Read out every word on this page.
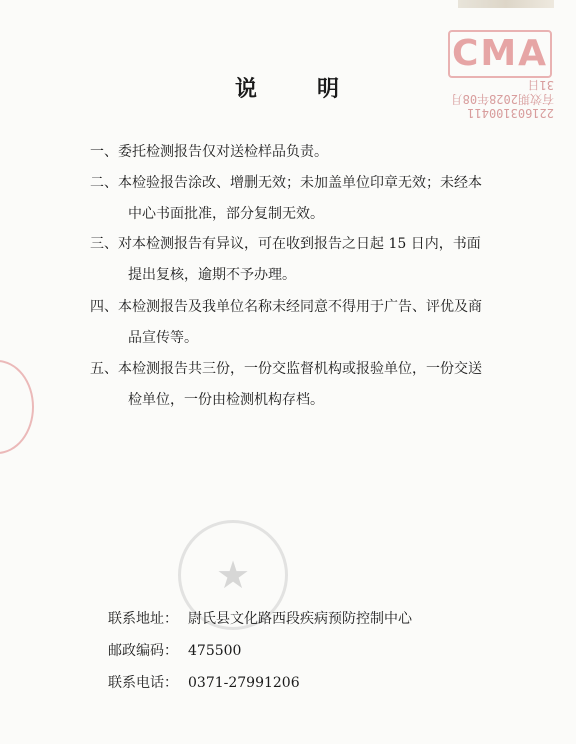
CMA
221603100411
有效期2028年08月31日
★
说	明
一、委托检测报告仅对送检样品负责。
二、本检验报告涂改、增删无效；未加盖单位印章无效；未经本
中心书面批准，部分复制无效。
三、对本检测报告有异议，可在收到报告之日起 15 日内，书面
提出复核，逾期不予办理。
四、本检测报告及我单位名称未经同意不得用于广告、评优及商
品宣传等。
五、本检测报告共三份，一份交监督机构或报验单位，一份交送
检单位，一份由检测机构存档。
联系地址： 尉氏县文化路西段疾病预防控制中心
邮政编码： 475500
联系电话： 0371-27991206
